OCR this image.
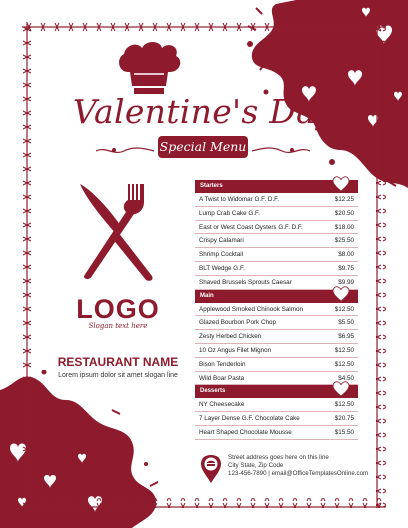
Valentine's Day
Special Menu
LOGO
Slogan text here
RESTAURANT NAME
Lorem ipsum dolor sit amet slogan line
Starters
A Twist to Widomar G.F. D.F.	$12.25
Lump Crab Cake G.F.	$20.50
East or West Coast Oysters G.F. D.F.	$18.00
Crispy Calamari	$25.50
Shrimp Cocktail	$8.00
BLT Wedge G.F.	$9.75
Shaved Brussels Sprouts Caesar	$9.99
Main
Applewood Smoked Chinook Salmon	$12.50
Glazed Bourbon Pork Chop	$5.50
Zesty Herbed Chicken	$6.95
10 Oz Angus Filet Mignon	$12.50
Bison Tenderloin	$12.50
Wild Boar Pasta	$4.50
Desserts
NY Cheesecake	$12.50
7 Layer Dense G.F. Chocolate Cake	$20.75
Heart Shaped Chocolate Mousse	$15.50
Street address goes here on this line
City State, Zip Code
123-456-7890 | email@OfficeTemplatesOnline.com
